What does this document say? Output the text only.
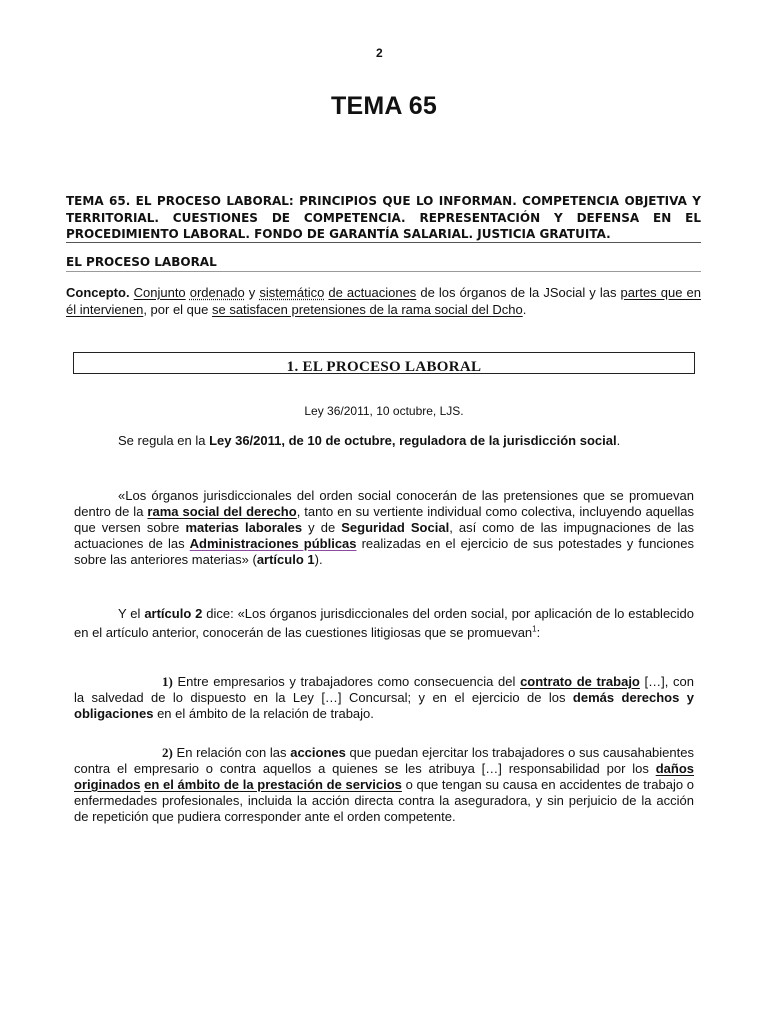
2
TEMA 65
TEMA 65. EL PROCESO LABORAL: PRINCIPIOS QUE LO INFORMAN. COMPETENCIA OBJETIVA Y TERRITORIAL. CUESTIONES DE COMPETENCIA. REPRESENTACIÓN Y DEFENSA EN EL PROCEDIMIENTO LABORAL. FONDO DE GARANTÍA SALARIAL. JUSTICIA GRATUITA.
EL PROCESO LABORAL
Concepto. Conjunto ordenado y sistemático de actuaciones de los órganos de la JSocial y las partes que en él intervienen, por el que se satisfacen pretensiones de la rama social del Dcho.
1. EL PROCESO LABORAL
Ley 36/2011, 10 octubre, LJS.
Se regula en la Ley 36/2011, de 10 de octubre, reguladora de la jurisdicción social.
«Los órganos jurisdiccionales del orden social conocerán de las pretensiones que se promuevan dentro de la rama social del derecho, tanto en su vertiente individual como colectiva, incluyendo aquellas que versen sobre materias laborales y de Seguridad Social, así como de las impugnaciones de las actuaciones de las Administraciones públicas realizadas en el ejercicio de sus potestades y funciones sobre las anteriores materias» (artículo 1).
Y el artículo 2 dice: «Los órganos jurisdiccionales del orden social, por aplicación de lo establecido en el artículo anterior, conocerán de las cuestiones litigiosas que se promuevan$^1$:
1) Entre empresarios y trabajadores como consecuencia del contrato de trabajo […], con la salvedad de lo dispuesto en la Ley […] Concursal; y en el ejercicio de los demás derechos y obligaciones en el ámbito de la relación de trabajo.
2) En relación con las acciones que puedan ejercitar los trabajadores o sus causahabientes contra el empresario o contra aquellos a quienes se les atribuya […] responsabilidad por los daños originados en el ámbito de la prestación de servicios o que tengan su causa en accidentes de trabajo o enfermedades profesionales, incluida la acción directa contra la aseguradora, y sin perjuicio de la acción de repetición que pudiera corresponder ante el orden competente.
